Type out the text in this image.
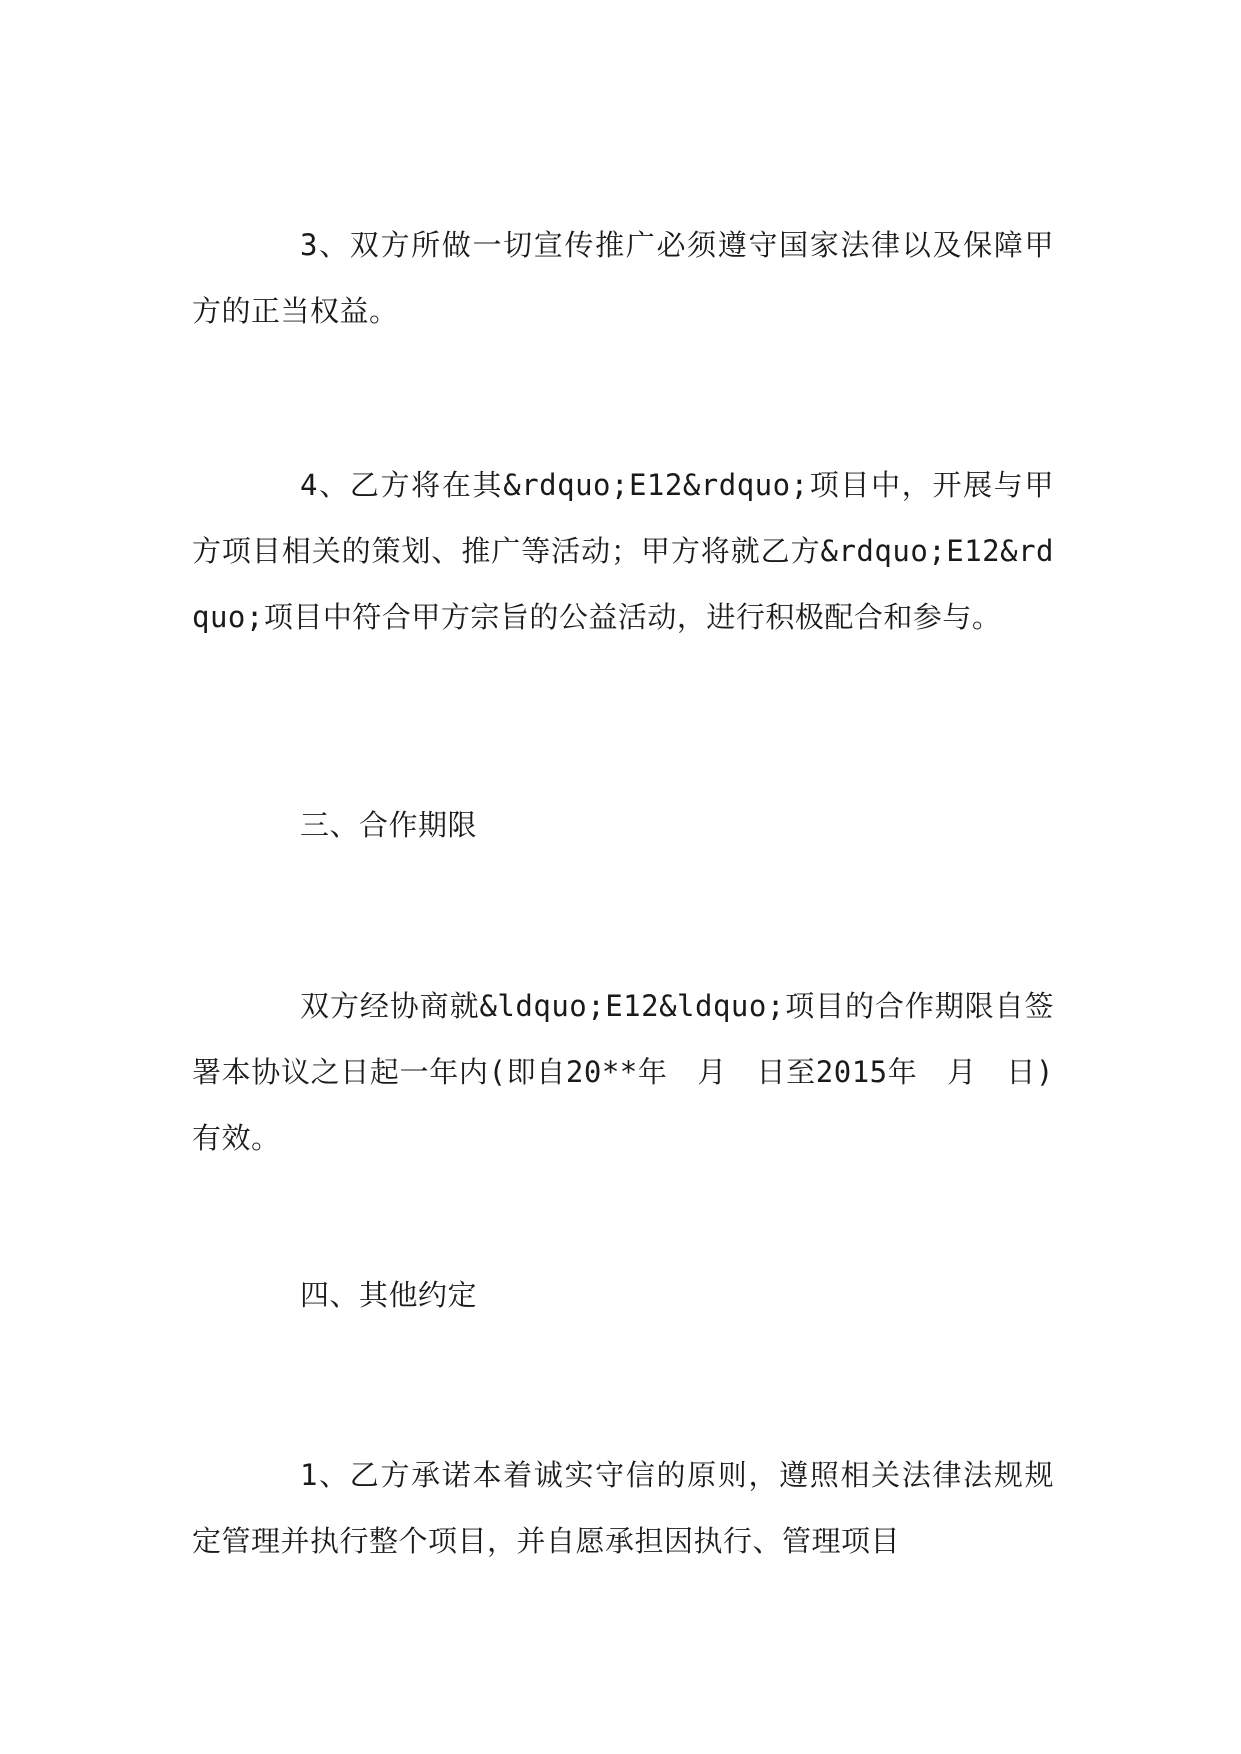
3、双方所做一切宣传推广必须遵守国家法律以及保障甲方的正当权益。

4、乙方将在其&rdquo;E12&rdquo;项目中，开展与甲方项目相关的策划、推广等活动；甲方将就乙方&rdquo;E12&rdquo;项目中符合甲方宗旨的公益活动，进行积极配合和参与。

三、合作期限

双方经协商就&ldquo;E12&ldquo;项目的合作期限自签署本协议之日起一年内(即自20**年　月　日至2015年　月　日)有效。

四、其他约定

1、乙方承诺本着诚实守信的原则，遵照相关法律法规规定管理并执行整个项目，并自愿承担因执行、管理项目
